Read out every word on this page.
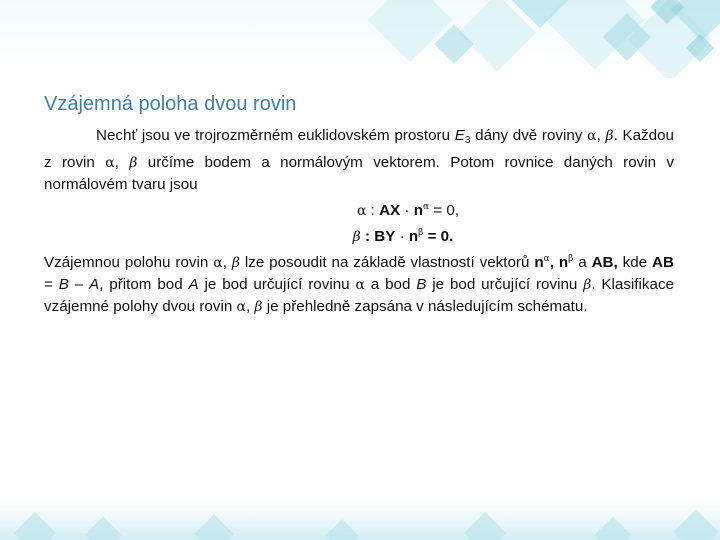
Vzájemná poloha dvou rovin

Nechť jsou ve trojrozměrném euklidovském prostoru $E_3$ dány dvě roviny α, β. Každou z rovin α, β určíme bodem a normálovým vektorem. Potom rovnice daných rovin v normálovém tvaru jsou

α : AX · $n^\alpha = 0$,

β : BY · $n^\beta = 0$.

Vzájemnou polohu rovin α, β lze posoudit na základě vlastností vektorů $n^\alpha$, $n^\beta$ a AB, kde AB = B – A, přitom bod A je bod určující rovinu α a bod B je bod určující rovinu β. Klasifikace vzájemné polohy dvou rovin α, β je přehledně zapsána v následujícím schématu.
